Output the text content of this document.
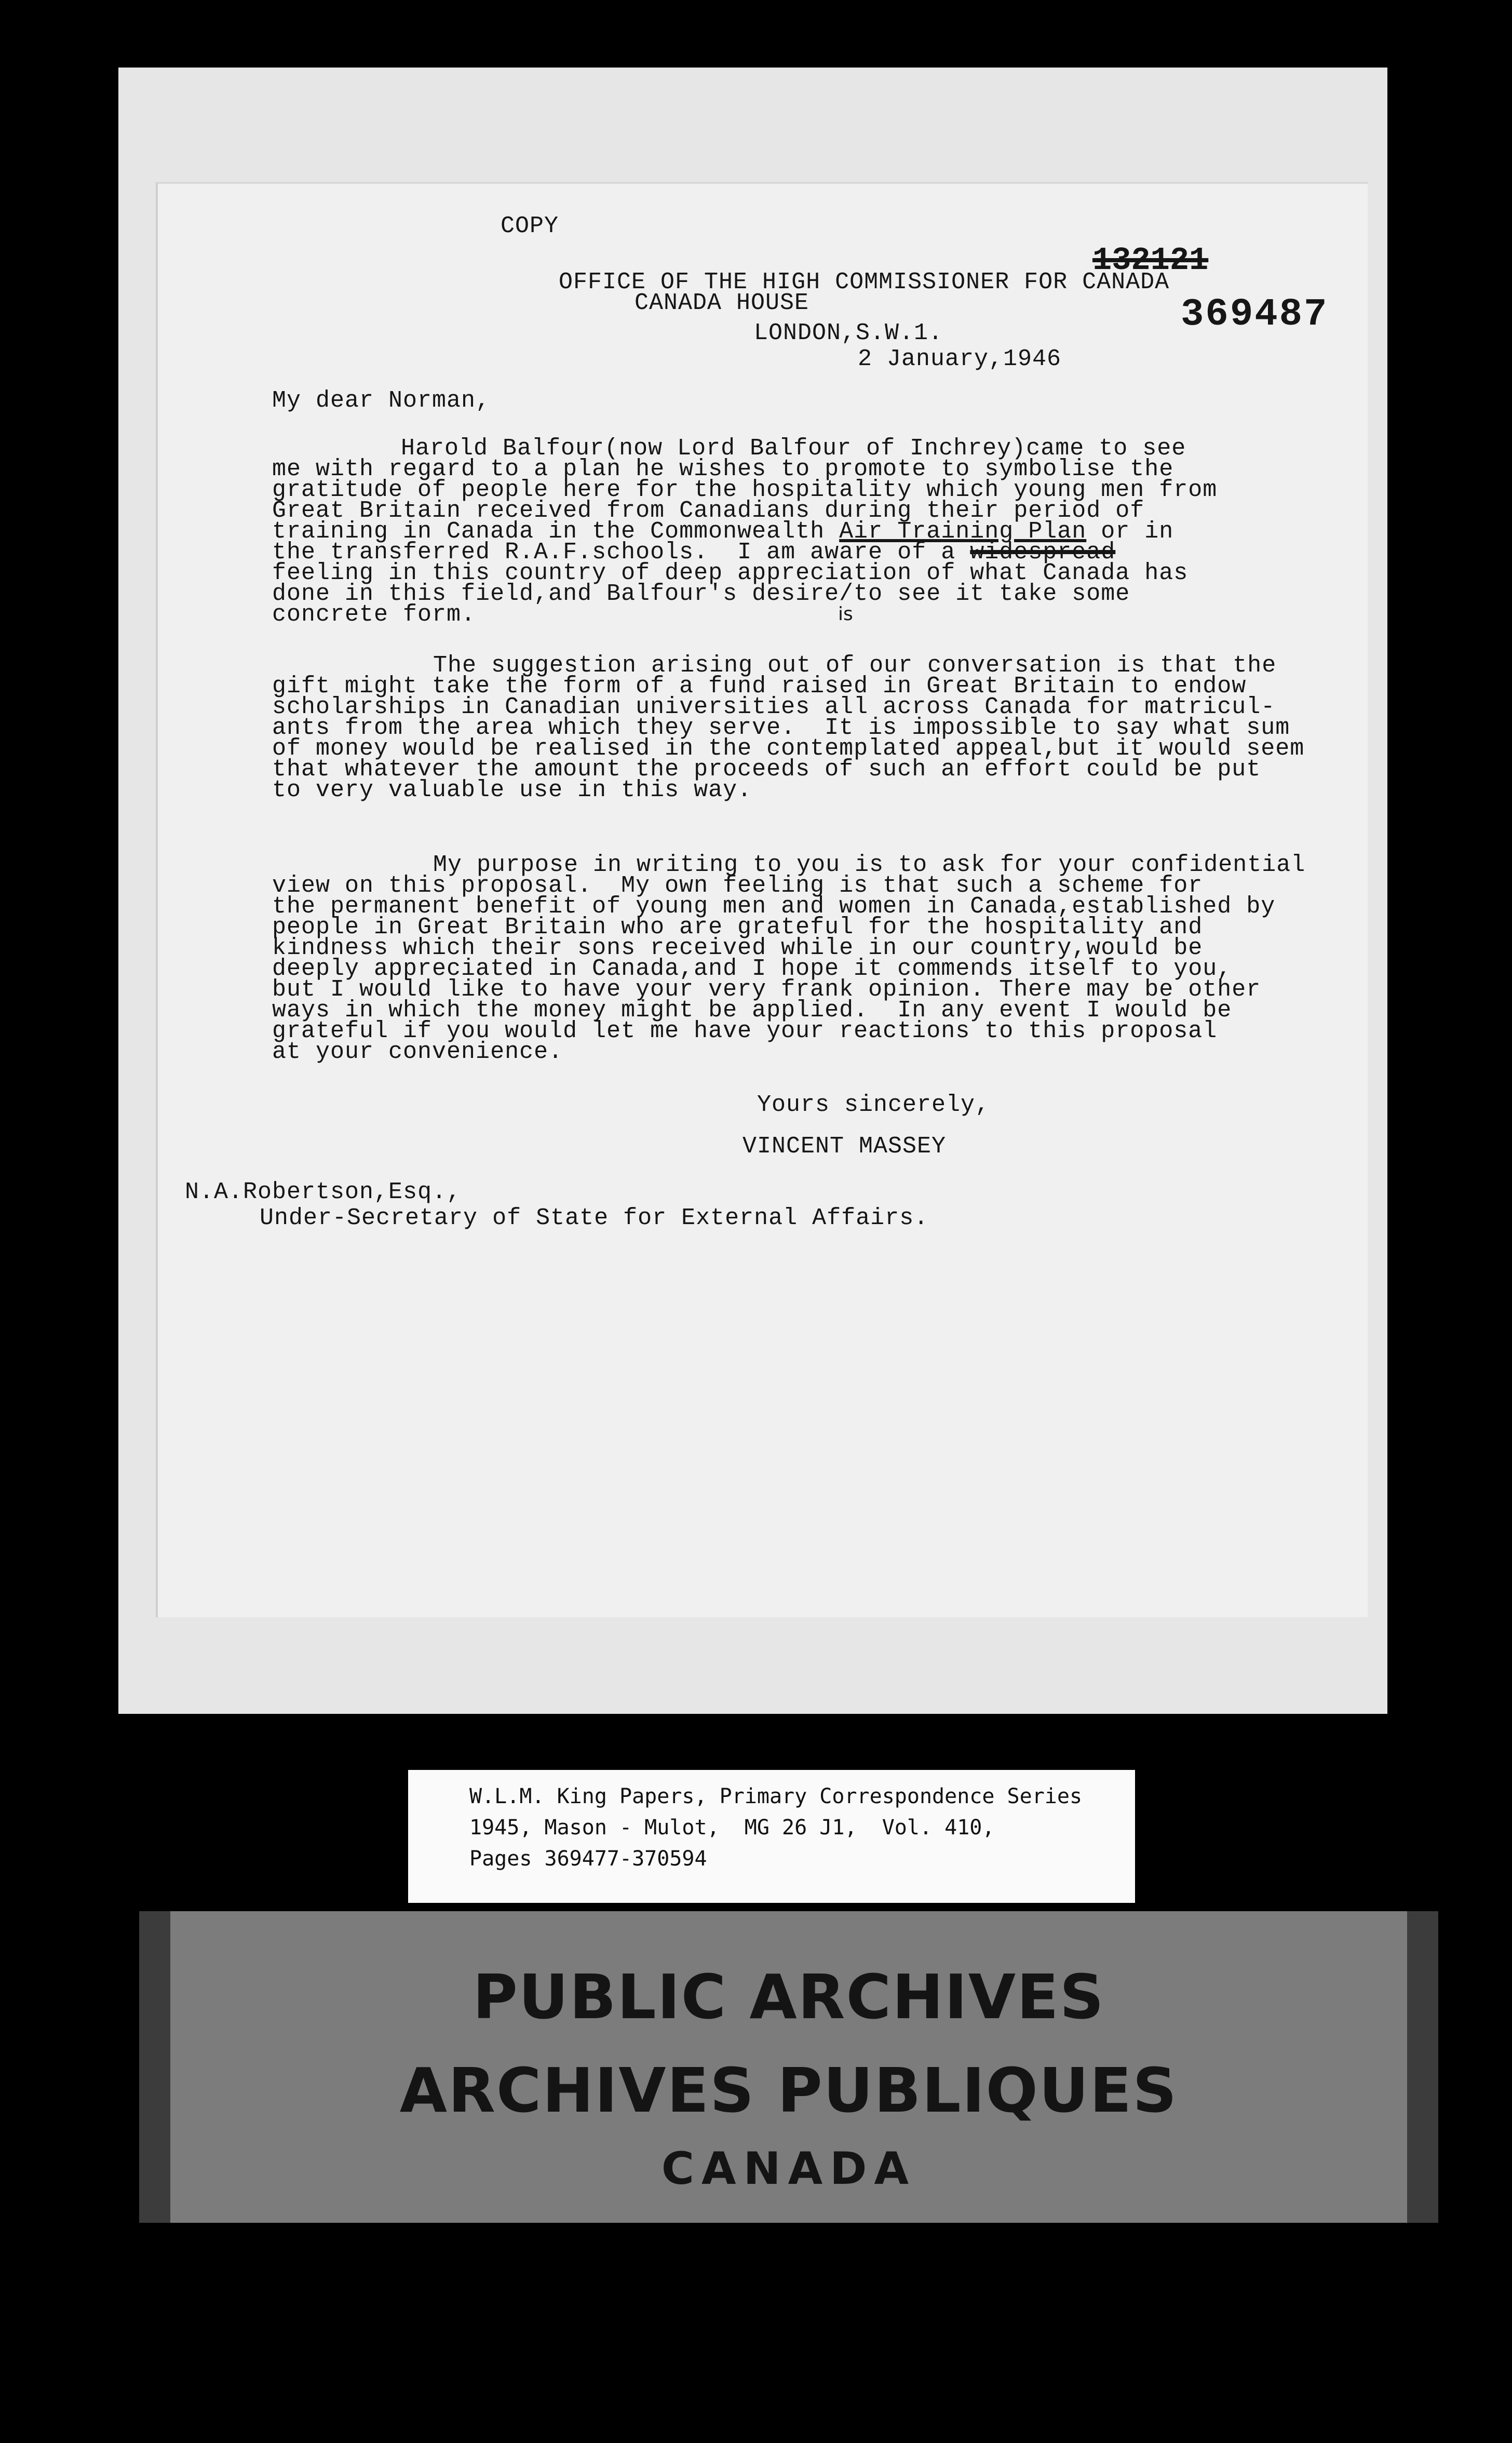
COPY
132121
369487
OFFICE OF THE HIGH COMMISSIONER FOR CANADA
CANADA HOUSE
LONDON,S.W.1.
2 January,1946
My dear Norman,
Harold Balfour(now Lord Balfour of Inchrey)came to see
me with regard to a plan he wishes to promote to symbolise the
gratitude of people here for the hospitality which young men from
Great Britain received from Canadians during their period of
training in Canada in the Commonwealth Air Training Plan or in
the transferred R.A.F.schools.  I am aware of a widespread
feeling in this country of deep appreciation of what Canada has
done in this field,and Balfour's desire/to see it take some
concrete form.	is
The suggestion arising out of our conversation is that the
gift might take the form of a fund raised in Great Britain to endow
scholarships in Canadian universities all across Canada for matricul-
ants from the area which they serve.  It is impossible to say what sum
of money would be realised in the contemplated appeal,but it would seem
that whatever the amount the proceeds of such an effort could be put
to very valuable use in this way.
My purpose in writing to you is to ask for your confidential
view on this proposal.  My own feeling is that such a scheme for
the permanent benefit of young men and women in Canada,established by
people in Great Britain who are grateful for the hospitality and
kindness which their sons received while in our country,would be
deeply appreciated in Canada,and I hope it commends itself to you,
but I would like to have your very frank opinion. There may be other
ways in which the money might be applied.  In any event I would be
grateful if you would let me have your reactions to this proposal
at your convenience.
Yours sincerely,
VINCENT MASSEY
N.A.Robertson,Esq.,
Under-Secretary of State for External Affairs.
W.L.M. King Papers, Primary Correspondence Series
1945, Mason - Mulot,  MG 26 J1,  Vol. 410,
Pages 369477-370594
PUBLIC ARCHIVES
ARCHIVES PUBLIQUES
CANADA
